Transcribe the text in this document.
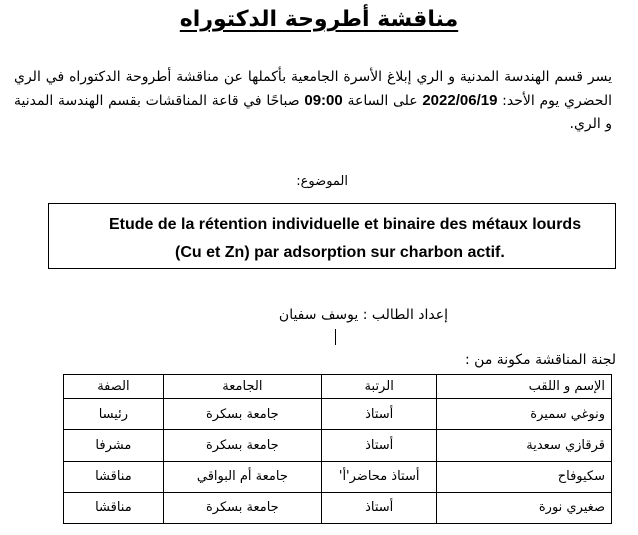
مناقشة أطروحة الدكتوراه
يسر قسم الهندسة المدنية و الري إبلاغ الأسرة الجامعية بأكملها عن مناقشة أطروحة الدكتوراه في الري الحضري يوم الأحد: 2022/06/19 على الساعة 09:00 صباحًا في قاعة المناقشات بقسم الهندسة المدنية و الري.
الموضوع:
Etude de la rétention individuelle et binaire des métaux lourds
(Cu et Zn) par adsorption sur charbon actif.
إعداد الطالب : يوسف سفيان
لجنة المناقشة مكونة من :
الإسم و اللقب	الرتبة	الجامعة	الصفة
ونوغي سميرة	أستاذ	جامعة بسكرة	رئيسا
قرقازي سعدية	أستاذ	جامعة بسكرة	مشرفا
سكيوفاح	أستاذ محاضر'أ'	جامعة أم البواقي	مناقشا
صغيري نورة	أستاذ	جامعة بسكرة	مناقشا
